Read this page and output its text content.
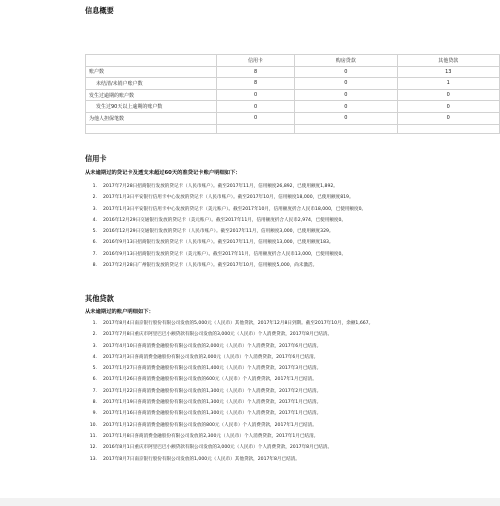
信息概要
	信用卡	购房贷款	其他贷款
账户数	8	0	13
未结清/未销户账户数	8	0	1
发生过逾期的账户数	0	0	0
发生过90天以上逾期的账户数	0	0	0
为他人担保笔数	0	0	0

信用卡
从未逾期过的贷记卡及透支未超过60天的准贷记卡账户明细如下：
1. 2017年7月28日招商银行发放的贷记卡（人民币账户）。截至2017年11月，信用额度26,892，已使用额度1,892。
2. 2017年1月3日平安银行信用卡中心发放的贷记卡（人民币账户）。截至2017年10月，信用额度18,000，已使用额度819。
3. 2017年1月3日平安银行信用卡中心发放的贷记卡（美元账户）。截至2017年10月，信用额度折合人民币18,000，已使用额度0。
4. 2016年12月29日交通银行发放的贷记卡（美元账户）。截至2017年11月，信用额度折合人民币2,974，已使用额度0。
5. 2016年12月29日交通银行发放的贷记卡（人民币账户）。截至2017年11月，信用额度3,000，已使用额度329。
6. 2016年9月13日招商银行发放的贷记卡（人民币账户）。截至2017年11月，信用额度13,000，已使用额度183。
7. 2016年9月13日招商银行发放的贷记卡（美元账户）。截至2017年11月，信用额度折合人民币13,000，已使用额度0。
8. 2017年2月28日广州银行发放的贷记卡（人民币账户）。截至2017年10月，信用额度5,000，尚未激活。
其他贷款
从未逾期过的账户明细如下：
1. 2017年8月4日南京银行股份有限公司发放的5,000元（人民币）其他贷款，2017年12月8日到期。截至2017年10月，余额1,667。
2. 2017年7月8日重庆市阿里巴巴小额贷款有限公司发放的3,000元（人民币）个人消费贷款，2017年8月已结清。
3. 2017年4月10日喜商消费金融股份有限公司发放的2,000元（人民币）个人消费贷款，2017年6月已结清。
4. 2017年3月3日喜商消费金融股份有限公司发放的2,000元（人民币）个人消费贷款，2017年6月已结清。
5. 2017年1月27日喜商消费金融股份有限公司发放的1,400元（人民币）个人消费贷款，2017年3月已结清。
6. 2017年1月26日喜商消费金融股份有限公司发放的600元（人民币）个人消费贷款，2017年1月已结清。
7. 2017年1月22日喜商消费金融股份有限公司发放的1,300元（人民币）个人消费贷款，2017年2月已结清。
8. 2017年1月19日喜商消费金融股份有限公司发放的1,300元（人民币）个人消费贷款，2017年1月已结清。
9. 2017年1月16日喜商消费金融股份有限公司发放的1,300元（人民币）个人消费贷款，2017年1月已结清。
10. 2017年1月12日喜商消费金融股份有限公司发放的800元（人民币）个人消费贷款，2017年1月已结清。
11. 2017年1月8日喜商消费金融股份有限公司发放的2,300元（人民币）个人消费贷款，2017年1月已结清。
12. 2016年8月1日重庆市阿里巴巴小额贷款有限公司发放的3,000元（人民币）个人消费贷款，2017年8月已结清。
13. 2017年8月7日南京银行股份有限公司发放的1,000元（人民币）其他贷款，2017年8月已结清。
